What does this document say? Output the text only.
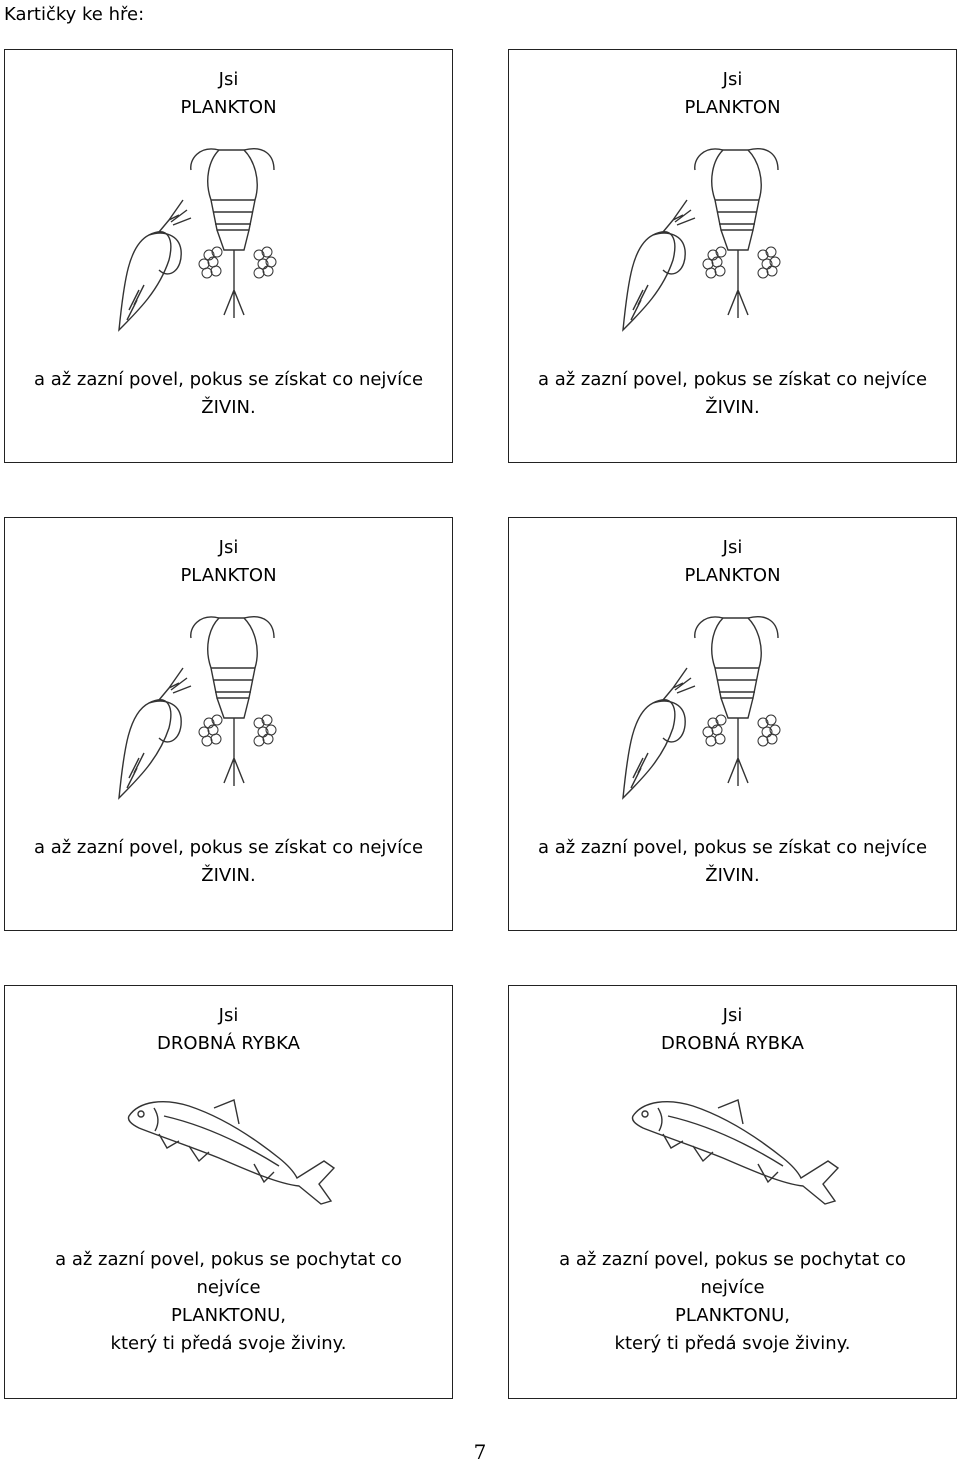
Kartičky ke hře:
Jsi
PLANKTON
a až zazní povel, pokus se získat co nejvíce
ŽIVIN.
Jsi
PLANKTON
a až zazní povel, pokus se získat co nejvíce
ŽIVIN.
Jsi
PLANKTON
a až zazní povel, pokus se získat co nejvíce
ŽIVIN.
Jsi
PLANKTON
a až zazní povel, pokus se získat co nejvíce
ŽIVIN.
Jsi
DROBNÁ RYBKA
a až zazní povel, pokus se pochytat co
nejvíce
PLANKTONU,
který ti předá svoje živiny.
Jsi
DROBNÁ RYBKA
a až zazní povel, pokus se pochytat co
nejvíce
PLANKTONU,
který ti předá svoje živiny.
7
